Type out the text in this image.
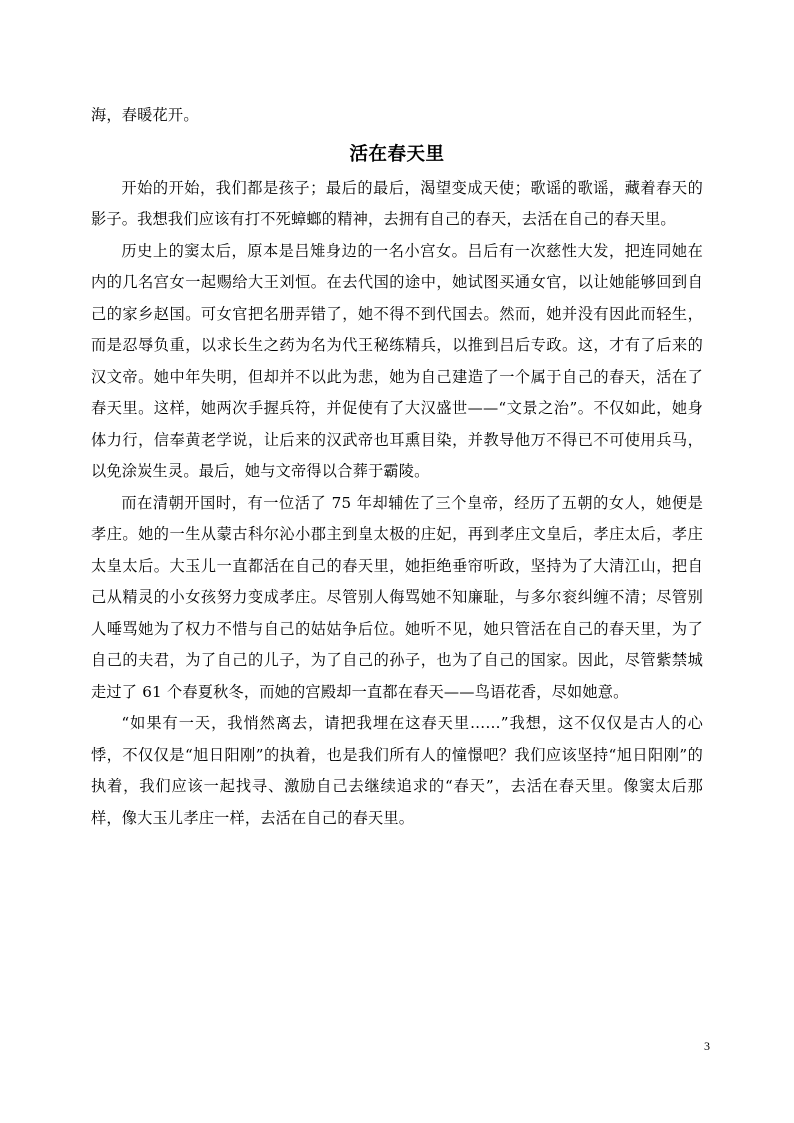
海，春暖花开。

活在春天里

开始的开始，我们都是孩子；最后的最后，渴望变成天使；歌谣的歌谣，藏着春天的影子。我想我们应该有打不死蟑螂的精神，去拥有自己的春天，去活在自己的春天里。

历史上的窦太后，原本是吕雉身边的一名小宫女。吕后有一次慈性大发，把连同她在内的几名宫女一起赐给大王刘恒。在去代国的途中，她试图买通女官，以让她能够回到自己的家乡赵国。可女官把名册弄错了，她不得不到代国去。然而，她并没有因此而轻生，而是忍辱负重，以求长生之药为名为代王秘练精兵，以推到吕后专政。这，才有了后来的汉文帝。她中年失明，但却并不以此为悲，她为自己建造了一个属于自己的春天，活在了春天里。这样，她两次手握兵符，并促使有了大汉盛世——“文景之治”。不仅如此，她身体力行，信奉黄老学说，让后来的汉武帝也耳熏目染，并教导他万不得已不可使用兵马，以免涂炭生灵。最后，她与文帝得以合葬于霸陵。

而在清朝开国时，有一位活了 75 年却辅佐了三个皇帝，经历了五朝的女人，她便是孝庄。她的一生从蒙古科尔沁小郡主到皇太极的庄妃，再到孝庄文皇后，孝庄太后，孝庄太皇太后。大玉儿一直都活在自己的春天里，她拒绝垂帘听政，坚持为了大清江山，把自己从精灵的小女孩努力变成孝庄。尽管别人侮骂她不知廉耻，与多尔衮纠缠不清；尽管别人唾骂她为了权力不惜与自己的姑姑争后位。她听不见，她只管活在自己的春天里，为了自己的夫君，为了自己的儿子，为了自己的孙子，也为了自己的国家。因此，尽管紫禁城走过了 61 个春夏秋冬，而她的宫殿却一直都在春天——鸟语花香，尽如她意。

“如果有一天，我悄然离去，请把我埋在这春天里……”我想，这不仅仅是古人的心悸，不仅仅是“旭日阳刚”的执着，也是我们所有人的憧憬吧？我们应该坚持“旭日阳刚”的执着，我们应该一起找寻、激励自己去继续追求的“春天”，去活在春天里。像窦太后那样，像大玉儿孝庄一样，去活在自己的春天里。

3
